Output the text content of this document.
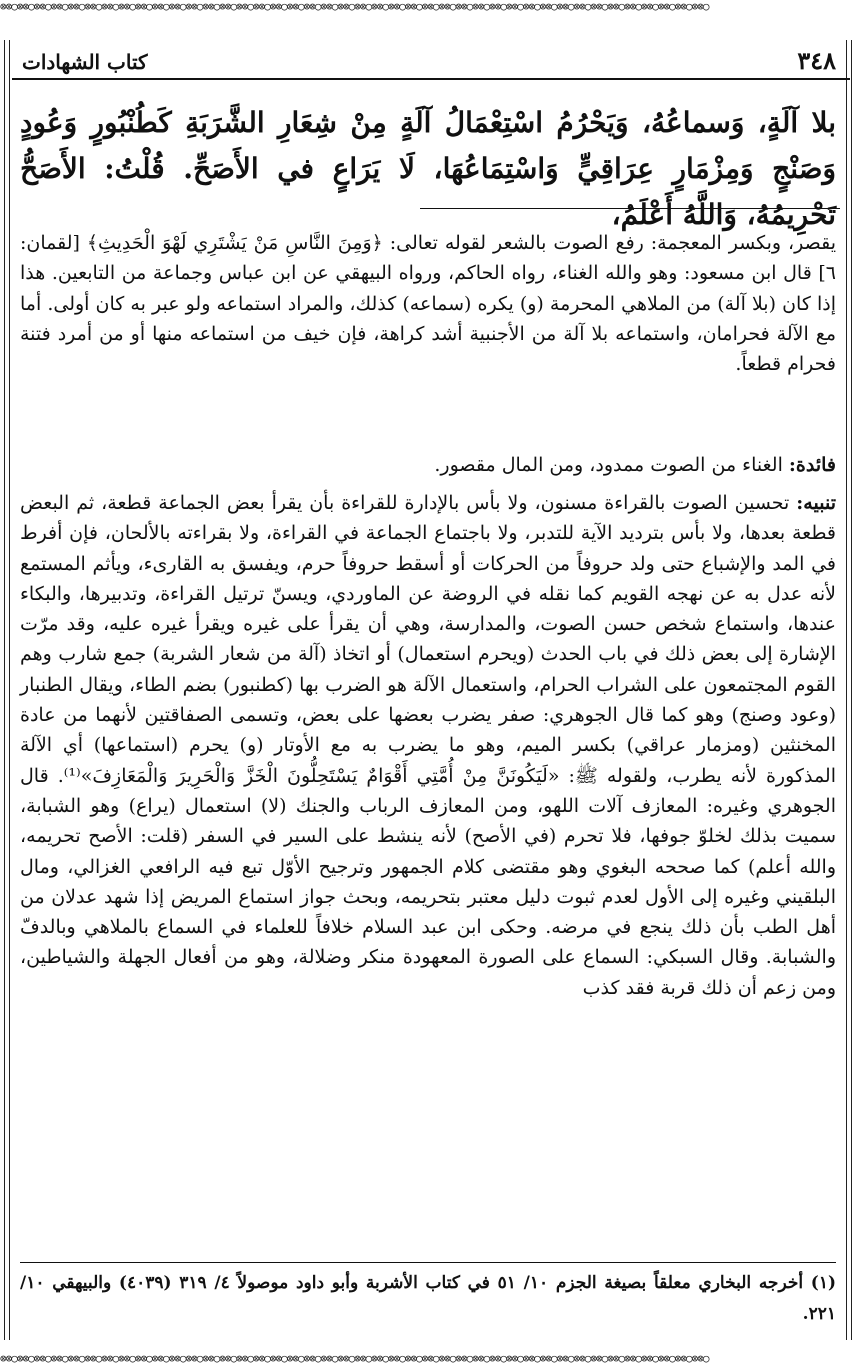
⊗⊗○⊗⊗○⊗⊗○⊗⊗○⊗⊗○⊗⊗○⊗⊗○⊗⊗○⊗⊗○⊗⊗○⊗⊗○⊗⊗○⊗⊗○⊗⊗○⊗⊗○⊗⊗○⊗⊗○⊗⊗○⊗⊗○⊗⊗○⊗⊗○⊗⊗○⊗⊗○⊗⊗○⊗⊗○⊗⊗○⊗⊗○⊗⊗○⊗⊗○⊗⊗○⊗⊗○⊗⊗○⊗⊗○⊗⊗○⊗⊗○⊗⊗○⊗⊗○⊗⊗○⊗⊗○⊗⊗○⊗⊗○⊗⊗○
٣٤٨
كتاب الشهادات
بلا آلَةٍ، وَسماعُهُ، وَيَحْرُمُ اسْتِعْمَالُ آلَةٍ مِنْ شِعَارِ الشَّرَبَةِ كَطُنْبُورٍ وَعُودٍ وَصَنْجٍ وَمِزْمَارٍ عِرَاقِيٍّ وَاسْتِمَاعُهَا، لَا يَرَاعٍ في الأَصَحِّ. قُلْتُ: الأَصَحُّ تَحْرِيمُهُ، وَاللَّهُ أَعْلَمُ،
يقصر، وبكسر المعجمة: رفع الصوت بالشعر لقوله تعالى: ﴿وَمِنَ النَّاسِ مَنْ يَشْتَرِي لَهْوَ الْحَدِيثِ﴾ [لقمان: ٦] قال ابن مسعود: وهو والله الغناء، رواه الحاكم، ورواه البيهقي عن ابن عباس وجماعة من التابعين. هذا إذا كان (بلا آلة) من الملاهي المحرمة (و) يكره (سماعه) كذلك، والمراد استماعه ولو عبر به كان أولى. أما مع الآلة فحرامان، واستماعه بلا آلة من الأجنبية أشد كراهة، فإن خيف من استماعه منها أو من أمرد فتنة فحرام قطعاً.
فائدة: الغناء من الصوت ممدود، ومن المال مقصور.
تنبيه: تحسين الصوت بالقراءة مسنون، ولا بأس بالإدارة للقراءة بأن يقرأ بعض الجماعة قطعة، ثم البعض قطعة بعدها، ولا بأس بترديد الآية للتدبر، ولا باجتماع الجماعة في القراءة، ولا بقراءته بالألحان، فإن أفرط في المد والإشباع حتى ولد حروفاً من الحركات أو أسقط حروفاً حرم، ويفسق به القارىء، ويأثم المستمع لأنه عدل به عن نهجه القويم كما نقله في الروضة عن الماوردي، ويسنّ ترتيل القراءة، وتدبيرها، والبكاء عندها، واستماع شخص حسن الصوت، والمدارسة، وهي أن يقرأ على غيره ويقرأ غيره عليه، وقد مرّت الإشارة إلى بعض ذلك في باب الحدث (ويحرم استعمال) أو اتخاذ (آلة من شعار الشربة) جمع شارب وهم القوم المجتمعون على الشراب الحرام، واستعمال الآلة هو الضرب بها (كطنبور) بضم الطاء، ويقال الطنبار (وعود وصنج) وهو كما قال الجوهري: صفر يضرب بعضها على بعض، وتسمى الصفاقتين لأنهما من عادة المخنثين (ومزمار عراقي) بكسر الميم، وهو ما يضرب به مع الأوتار (و) يحرم (استماعها) أي الآلة المذكورة لأنه يطرب، ولقوله ﷺ: «لَيَكُونَنَّ مِنْ أُمَّتِي أَقْوَامٌ يَسْتَحِلُّونَ الْخَزَّ وَالْحَرِيرَ وَالْمَعَازِفَ»⁽¹⁾. قال الجوهري وغيره: المعازف آلات اللهو، ومن المعازف الرباب والجنك (لا) استعمال (يراع) وهو الشبابة، سميت بذلك لخلوّ جوفها، فلا تحرم (في الأصح) لأنه ينشط على السير في السفر (قلت: الأصح تحريمه، والله أعلم) كما صححه البغوي وهو مقتضى كلام الجمهور وترجيح الأوّل تبع فيه الرافعي الغزالي، ومال البلقيني وغيره إلى الأول لعدم ثبوت دليل معتبر بتحريمه، وبحث جواز استماع المريض إذا شهد عدلان من أهل الطب بأن ذلك ينجع في مرضه. وحكى ابن عبد السلام خلافاً للعلماء في السماع بالملاهي وبالدفّ والشبابة. وقال السبكي: السماع على الصورة المعهودة منكر وضلالة، وهو من أفعال الجهلة والشياطين، ومن زعم أن ذلك قربة فقد كذب
(١) أخرجه البخاري معلقاً بصيغة الجزم ١٠/ ٥١ في كتاب الأشربة وأبو داود موصولاً ٤/ ٣١٩ (٤٠٣٩) والبيهقي ١٠/ ٢٢١.
⊗⊗○⊗⊗○⊗⊗○⊗⊗○⊗⊗○⊗⊗○⊗⊗○⊗⊗○⊗⊗○⊗⊗○⊗⊗○⊗⊗○⊗⊗○⊗⊗○⊗⊗○⊗⊗○⊗⊗○⊗⊗○⊗⊗○⊗⊗○⊗⊗○⊗⊗○⊗⊗○⊗⊗○⊗⊗○⊗⊗○⊗⊗○⊗⊗○⊗⊗○⊗⊗○⊗⊗○⊗⊗○⊗⊗○⊗⊗○⊗⊗○⊗⊗○⊗⊗○⊗⊗○⊗⊗○⊗⊗○⊗⊗○⊗⊗○
